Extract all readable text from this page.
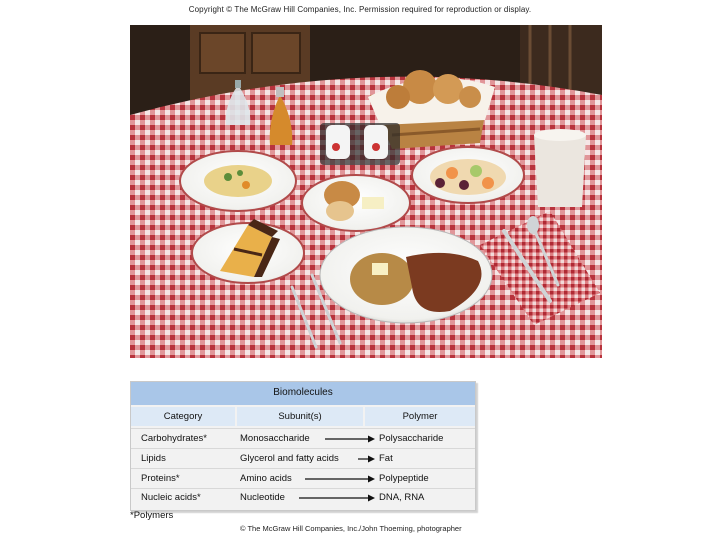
Copyright © The McGraw Hill Companies, Inc. Permission required for reproduction or display.
Biomolecules
Category	Subunit(s)	Polymer
Carbohydrates*	Monosaccharide	Polysaccharide
Lipids	Glycerol and fatty acids	Fat
Proteins*	Amino acids	Polypeptide
Nucleic acids*	Nucleotide	DNA, RNA
*Polymers
© The McGraw Hill Companies, Inc./John Thoeming, photographer
